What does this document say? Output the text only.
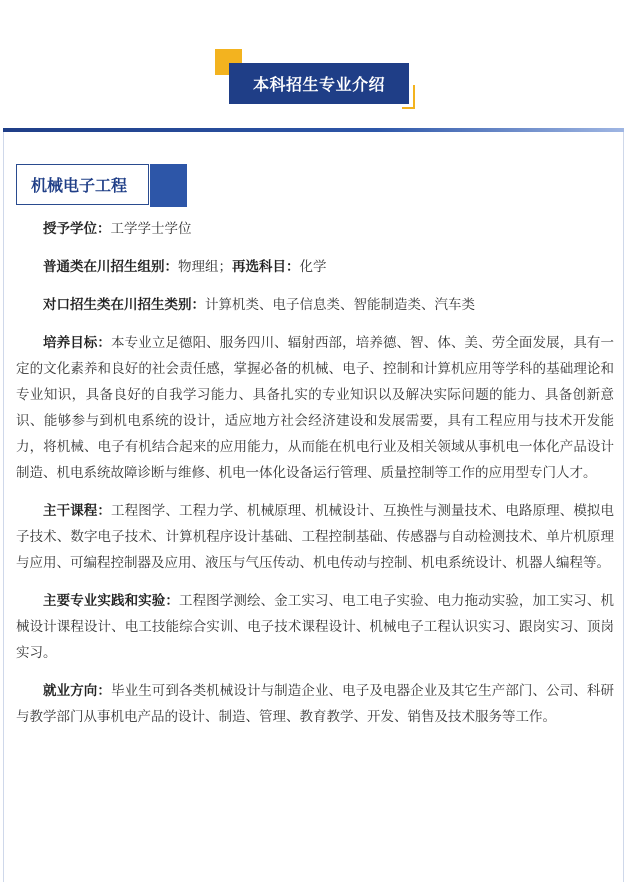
本科招生专业介绍
机械电子工程

授予学位：工学学士学位

普通类在川招生组别：物理组；再选科目：化学

对口招生类在川招生类别：计算机类、电子信息类、智能制造类、汽车类

培养目标：本专业立足德阳、服务四川、辐射西部，培养德、智、体、美、劳全面发展，具有一定的文化素养和良好的社会责任感，掌握必备的机械、电子、控制和计算机应用等学科的基础理论和专业知识，具备良好的自我学习能力、具备扎实的专业知识以及解决实际问题的能力、具备创新意识、能够参与到机电系统的设计，适应地方社会经济建设和发展需要，具有工程应用与技术开发能力，将机械、电子有机结合起来的应用能力，从而能在机电行业及相关领域从事机电一体化产品设计制造、机电系统故障诊断与维修、机电一体化设备运行管理、质量控制等工作的应用型专门人才。

主干课程：工程图学、工程力学、机械原理、机械设计、互换性与测量技术、电路原理、模拟电子技术、数字电子技术、计算机程序设计基础、工程控制基础、传感器与自动检测技术、单片机原理与应用、可编程控制器及应用、液压与气压传动、机电传动与控制、机电系统设计、机器人编程等。

主要专业实践和实验：工程图学测绘、金工实习、电工电子实验、电力拖动实验，加工实习、机械设计课程设计、电工技能综合实训、电子技术课程设计、机械电子工程认识实习、跟岗实习、顶岗实习。

就业方向：毕业生可到各类机械设计与制造企业、电子及电器企业及其它生产部门、公司、科研与教学部门从事机电产品的设计、制造、管理、教育教学、开发、销售及技术服务等工作。
